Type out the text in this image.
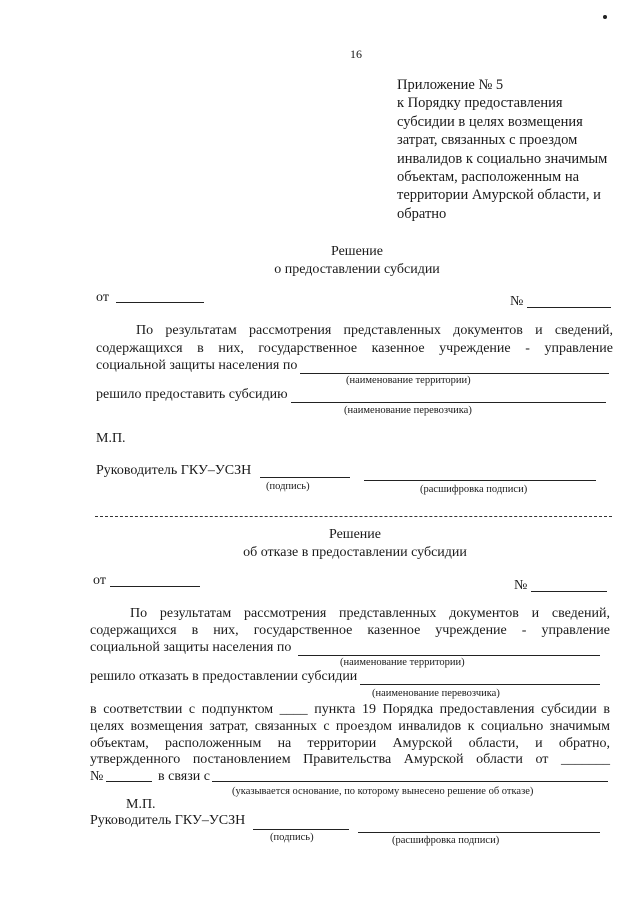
16
Приложение № 5
к Порядку предоставления
субсидии в целях возмещения
затрат, связанных с проездом
инвалидов к социально значимым
объектам, расположенным на
территории Амурской области, и
обратно
Решение
о предоставлении субсидии
от	№
По результатам рассмотрения представленных документов и сведений,
содержащихся в них, государственное казенное учреждение - управление
социальной защиты населения по
(наименование территории)
решило предоставить субсидию
(наименование перевозчика)
М.П.
Руководитель ГКУ–УСЗН
(подпись)	(расшифровка подписи)
Решение
об отказе в предоставлении субсидии
от	№
По результатам рассмотрения представленных документов и сведений,
содержащихся в них, государственное казенное учреждение - управление
социальной защиты населения по
(наименование территории)
решило отказать в предоставлении субсидии
(наименование перевозчика)
в соответствии с подпунктом ____ пункта 19 Порядка предоставления субсидии в
целях возмещения затрат, связанных с проездом инвалидов к социально значимым
объектам, расположенным на территории Амурской области, и обратно,
утвержденного постановлением Правительства Амурской области от _______
№	в связи с
(указывается основание, по которому вынесено решение об отказе)
М.П.
Руководитель ГКУ–УСЗН
(подпись)	(расшифровка подписи)
